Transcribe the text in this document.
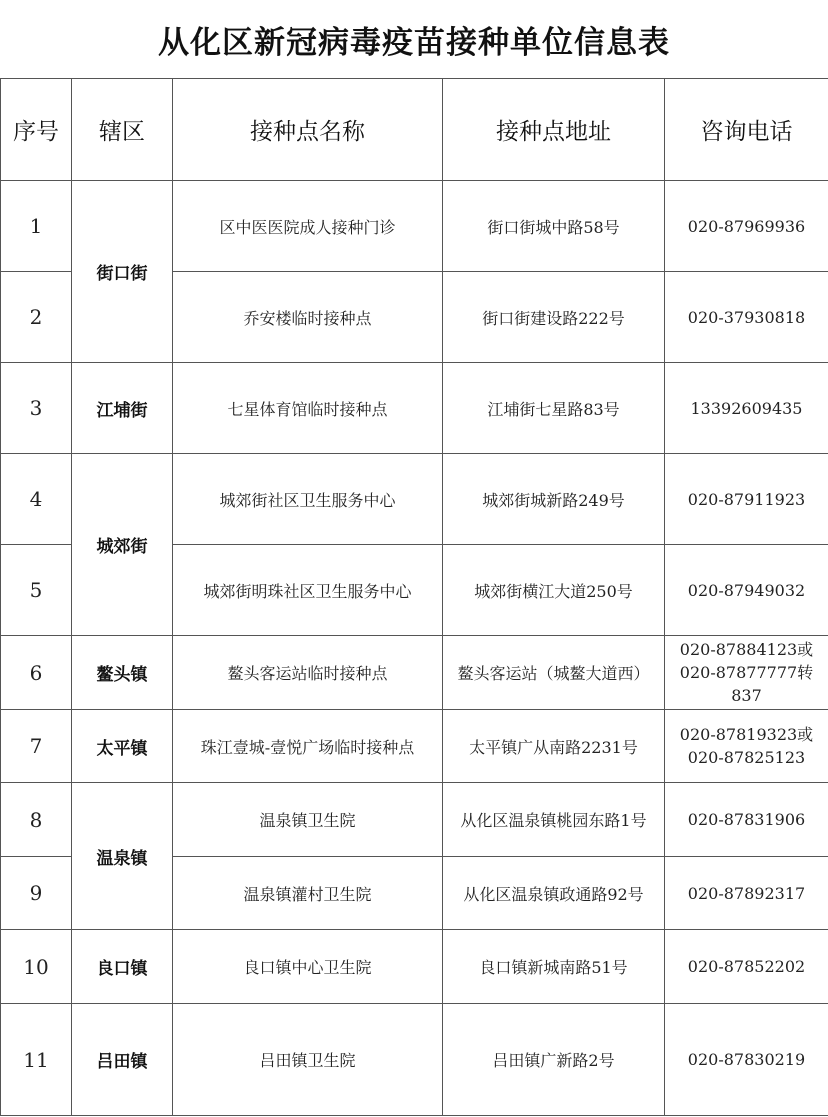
从化区新冠病毒疫苗接种单位信息表
序号	辖区	接种点名称	接种点地址	咨询电话
1	街口街	区中医医院成人接种门诊	街口街城中路58号	020-87969936
2		乔安楼临时接种点	街口街建设路222号	020-37930818
3	江埔街	七星体育馆临时接种点	江埔街七星路83号	13392609435
4	城郊街	城郊街社区卫生服务中心	城郊街城新路249号	020-87911923
5		城郊街明珠社区卫生服务中心	城郊街横江大道250号	020-87949032
6	鳌头镇	鳌头客运站临时接种点	鳌头客运站（城鳌大道西）	020-87884123或020-87877777转837
7	太平镇	珠江壹城-壹悦广场临时接种点	太平镇广从南路2231号	020-87819323或020-87825123
8	温泉镇	温泉镇卫生院	从化区温泉镇桃园东路1号	020-87831906
9		温泉镇灌村卫生院	从化区温泉镇政通路92号	020-87892317
10	良口镇	良口镇中心卫生院	良口镇新城南路51号	020-87852202
11	吕田镇	吕田镇卫生院	吕田镇广新路2号	020-87830219
